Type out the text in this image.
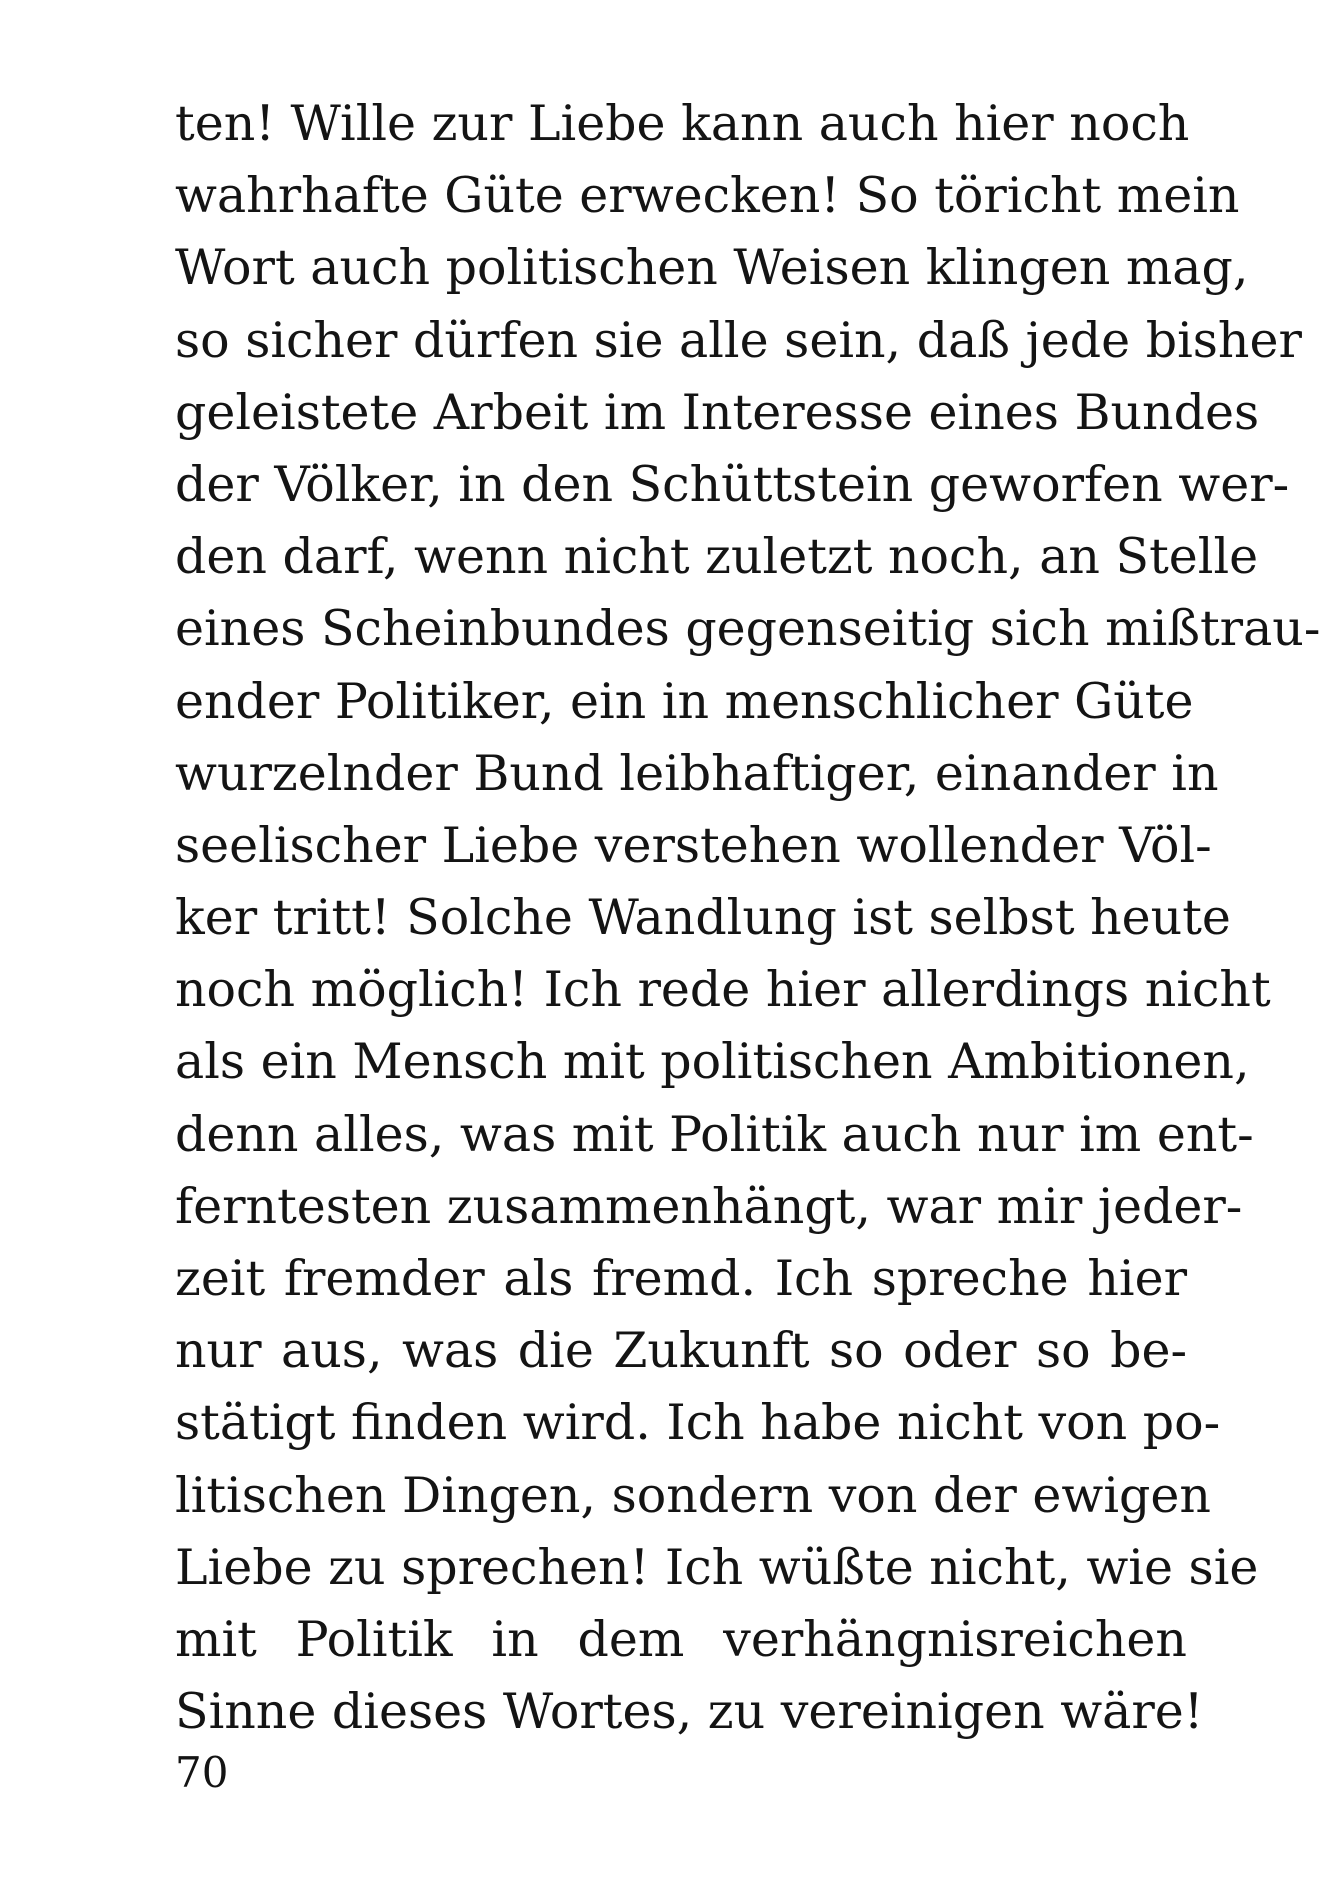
ten! Wille zur Liebe kann auch hier noch
wahrhafte Güte erwecken! So töricht mein
Wort auch politischen Weisen klingen mag,
so sicher dürfen sie alle sein, daß jede bisher
geleistete Arbeit im Interesse eines Bundes
der Völker, in den Schüttstein geworfen wer-
den darf, wenn nicht zuletzt noch, an Stelle
eines Scheinbundes gegenseitig sich mißtrau-
ender Politiker, ein in menschlicher Güte
wurzelnder Bund leibhaftiger, einander in
seelischer Liebe verstehen wollender Völ-
ker tritt! Solche Wandlung ist selbst heute
noch möglich! Ich rede hier allerdings nicht
als ein Mensch mit politischen Ambitionen,
denn alles, was mit Politik auch nur im ent-
ferntesten zusammenhängt, war mir jeder-
zeit fremder als fremd. Ich spreche hier
nur aus, was die Zukunft so oder so be-
stätigt finden wird. Ich habe nicht von po-
litischen Dingen, sondern von der ewigen
Liebe zu sprechen! Ich wüßte nicht, wie sie
mit Politik in dem verhängnisreichen
Sinne dieses Wortes, zu vereinigen wäre!
70
